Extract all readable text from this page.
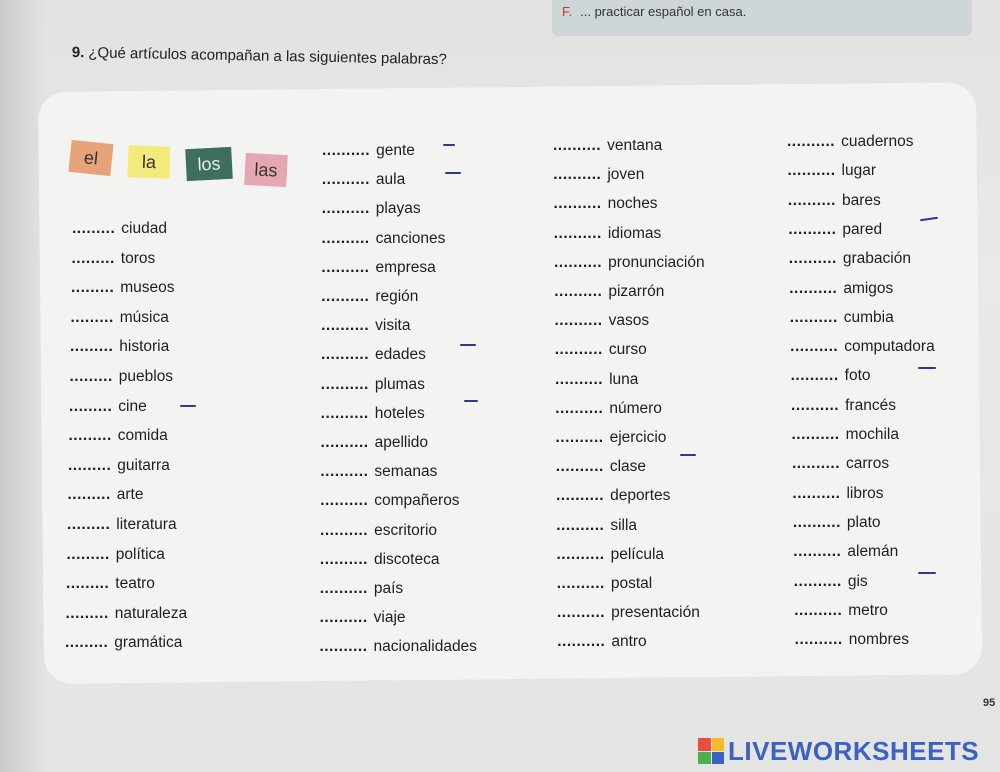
F. ... practicar español en casa.
9. ¿Qué artículos acompañan a las siguientes palabras?
el	la	los	las
......... ciudad
......... toros
......... museos
......... música
......... historia
......... pueblos
......... cine
......... comida
......... guitarra
......... arte
......... literatura
......... política
......... teatro
......... naturaleza
......... gramática
.......... gente
.......... aula
.......... playas
.......... canciones
.......... empresa
.......... región
.......... visita
.......... edades
.......... plumas
.......... hoteles
.......... apellido
.......... semanas
.......... compañeros
.......... escritorio
.......... discoteca
.......... país
.......... viaje
.......... nacionalidades
.......... ventana
.......... joven
.......... noches
.......... idiomas
.......... pronunciación
.......... pizarrón
.......... vasos
.......... curso
.......... luna
.......... número
.......... ejercicio
.......... clase
.......... deportes
.......... silla
.......... película
.......... postal
.......... presentación
.......... antro
.......... cuadernos
.......... lugar
.......... bares
.......... pared
.......... grabación
.......... amigos
.......... cumbia
.......... computadora
.......... foto
.......... francés
.......... mochila
.......... carros
.......... libros
.......... plato
.......... alemán
.......... gis
.......... metro
.......... nombres
95
LIVEWORKSHEETS
